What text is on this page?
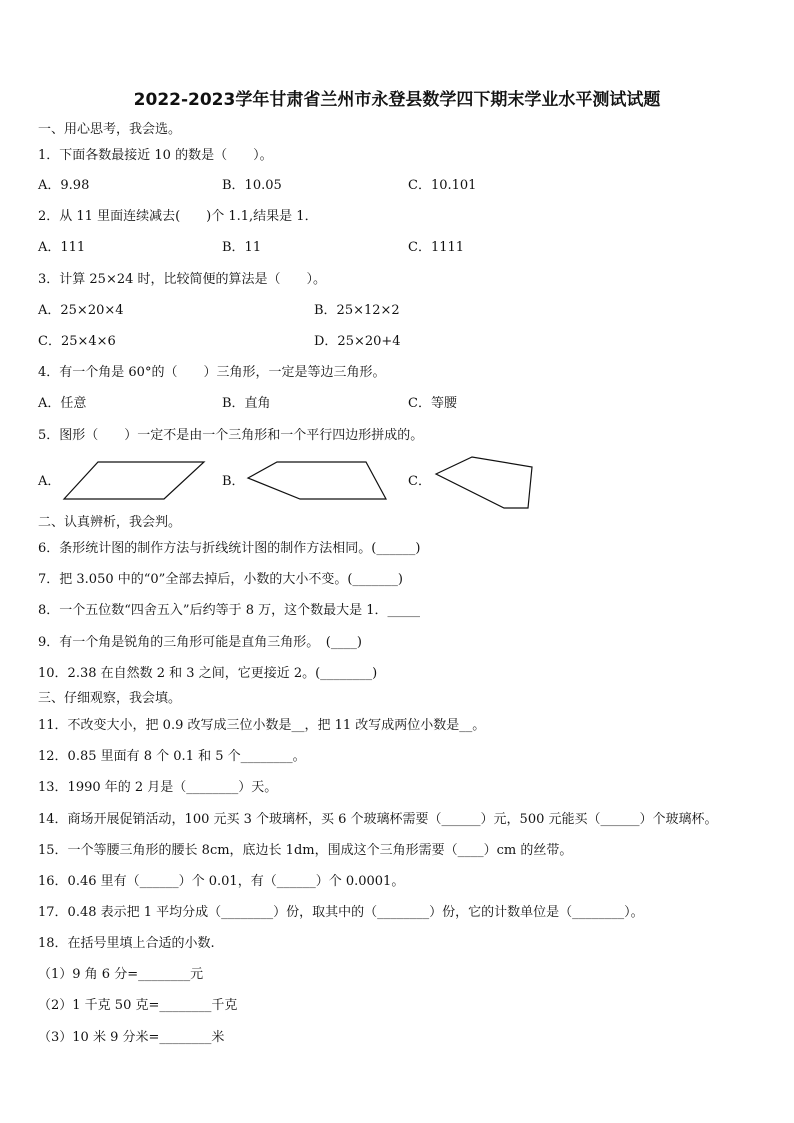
2022-2023学年甘肃省兰州市永登县数学四下期末学业水平测试试题
一、用心思考，我会选。
1．下面各数最接近 10 的数是（　　）。
A．9.98	B．10.05	C．10.101
2．从 11 里面连续减去(　　)个 1.1,结果是 1．
A．111	B．11	C．1111
3．计算 25×24 时，比较简便的算法是（　　）。
A．25×20×4	B．25×12×2
C．25×4×6	D．25×20+4
4．有一个角是 60°的（　　）三角形，一定是等边三角形。
A．任意	B．直角	C．等腰
5．图形（　　）一定不是由一个三角形和一个平行四边形拼成的。
A．	B．	C．
二、认真辨析，我会判。
6．条形统计图的制作方法与折线统计图的制作方法相同。(______)
7．把 3.050 中的“0”全部去掉后，小数的大小不变。(_______)
8．一个五位数“四舍五入”后约等于 8 万，这个数最大是 1．_____
9．有一个角是锐角的三角形可能是直角三角形。　(____)
10．2.38 在自然数 2 和 3 之间，它更接近 2。(________)
三、仔细观察，我会填。
11．不改变大小，把 0.9 改写成三位小数是__，把 11 改写成两位小数是__。
12．0.85 里面有 8 个 0.1 和 5 个________。
13．1990 年的 2 月是（________）天。
14．商场开展促销活动，100 元买 3 个玻璃杯，买 6 个玻璃杯需要（______）元，500 元能买（______）个玻璃杯。
15．一个等腰三角形的腰长 8cm，底边长 1dm，围成这个三角形需要（____）cm 的丝带。
16．0.46 里有（______）个 0.01，有（______）个 0.0001。
17．0.48 表示把 1 平均分成（________）份，取其中的（________）份，它的计数单位是（________）。
18．在括号里填上合适的小数.
（1）9 角 6 分=________元
（2）1 千克 50 克=________千克
（3）10 米 9 分米=________米
